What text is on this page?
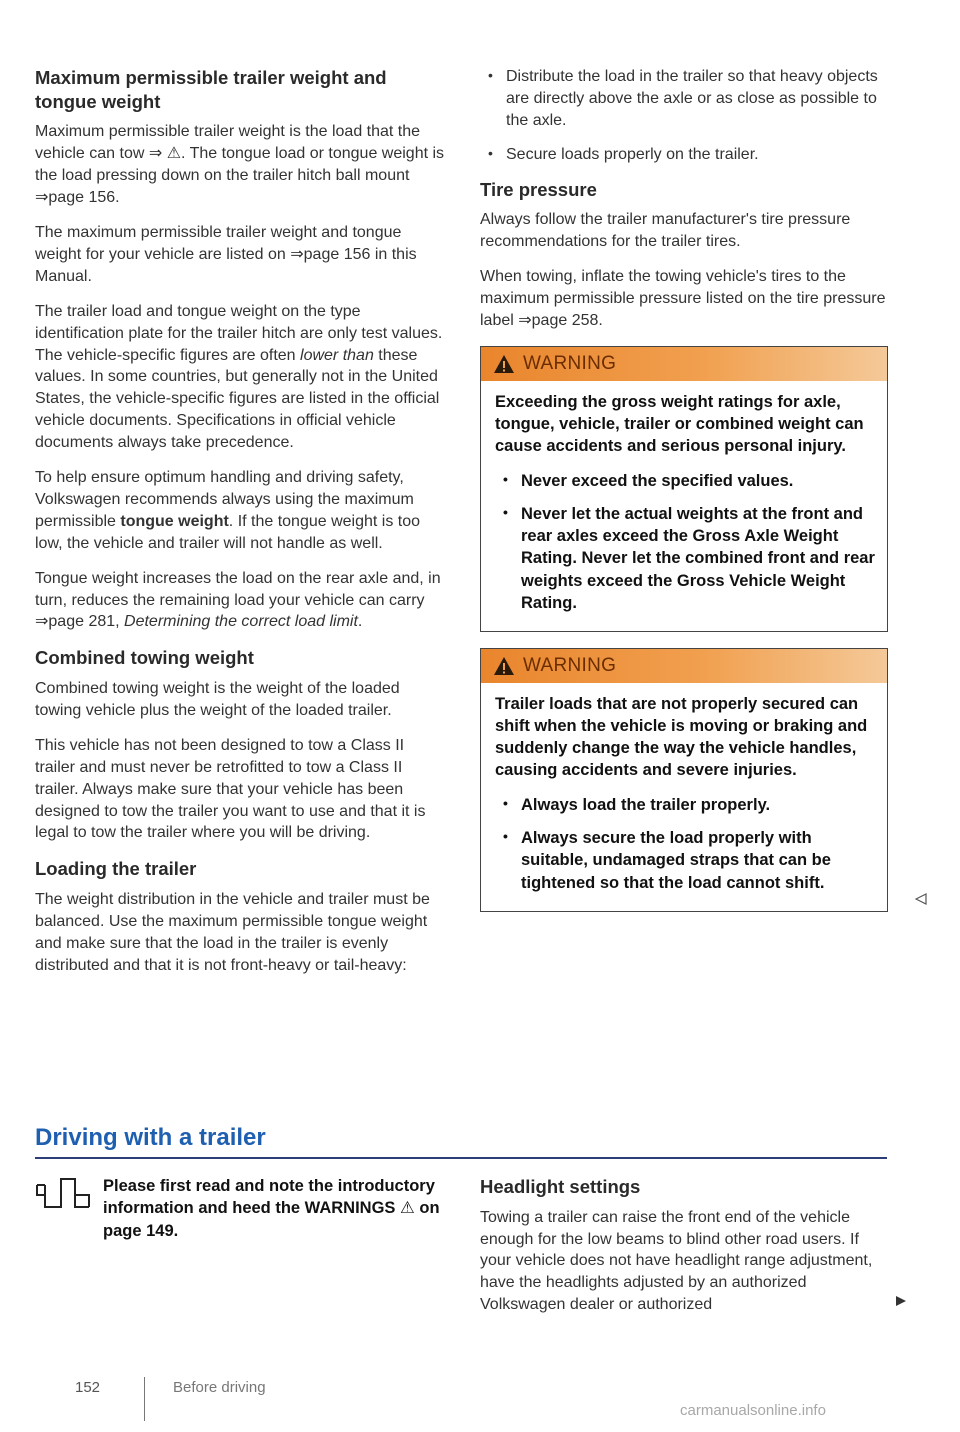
Maximum permissible trailer weight and tongue weight

Maximum permissible trailer weight is the load that the vehicle can tow ⇒ ⚠. The tongue load or tongue weight is the load pressing down on the trailer hitch ball mount ⇒page 156.

The maximum permissible trailer weight and tongue weight for your vehicle are listed on ⇒page 156 in this Manual.

The trailer load and tongue weight on the type identification plate for the trailer hitch are only test values. The vehicle-specific figures are often lower than these values. In some countries, but generally not in the United States, the vehicle-specific figures are listed in the official vehicle documents. Specifications in official vehicle documents always take precedence.

To help ensure optimum handling and driving safety, Volkswagen recommends always using the maximum permissible tongue weight. If the tongue weight is too low, the vehicle and trailer will not handle as well.

Tongue weight increases the load on the rear axle and, in turn, reduces the remaining load your vehicle can carry ⇒page 281, Determining the correct load limit.

Combined towing weight

Combined towing weight is the weight of the loaded towing vehicle plus the weight of the loaded trailer.

This vehicle has not been designed to tow a Class II trailer and must never be retrofitted to tow a Class II trailer. Always make sure that your vehicle has been designed to tow the trailer you want to use and that it is legal to tow the trailer where you will be driving.

Loading the trailer

The weight distribution in the vehicle and trailer must be balanced. Use the maximum permissible tongue weight and make sure that the load in the trailer is evenly distributed and that it is not front-heavy or tail-heavy:

• Distribute the load in the trailer so that heavy objects are directly above the axle or as close as possible to the axle.
• Secure loads properly on the trailer.
Tire pressure

Always follow the trailer manufacturer's tire pressure recommendations for the trailer tires.

When towing, inflate the towing vehicle's tires to the maximum permissible pressure listed on the tire pressure label ⇒page 258.

WARNING

Exceeding the gross weight ratings for axle, tongue, vehicle, trailer or combined weight can cause accidents and serious personal injury.

• Never exceed the specified values.
• Never let the actual weights at the front and rear axles exceed the Gross Axle Weight Rating. Never let the combined front and rear weights exceed the Gross Vehicle Weight Rating.
WARNING

Trailer loads that are not properly secured can shift when the vehicle is moving or braking and suddenly change the way the vehicle handles, causing accidents and severe injuries.

• Always load the trailer properly.
• Always secure the load properly with suitable, undamaged straps that can be tightened so that the load cannot shift.
Driving with a trailer

Please first read and note the introductory information and heed the WARNINGS ⚠ on page 149.

Headlight settings

Towing a trailer can raise the front end of the vehicle enough for the low beams to blind other road users. If your vehicle does not have headlight range adjustment, have the headlights adjusted by an authorized Volkswagen dealer or authorized

152	Before driving
carmanualsonline.info
